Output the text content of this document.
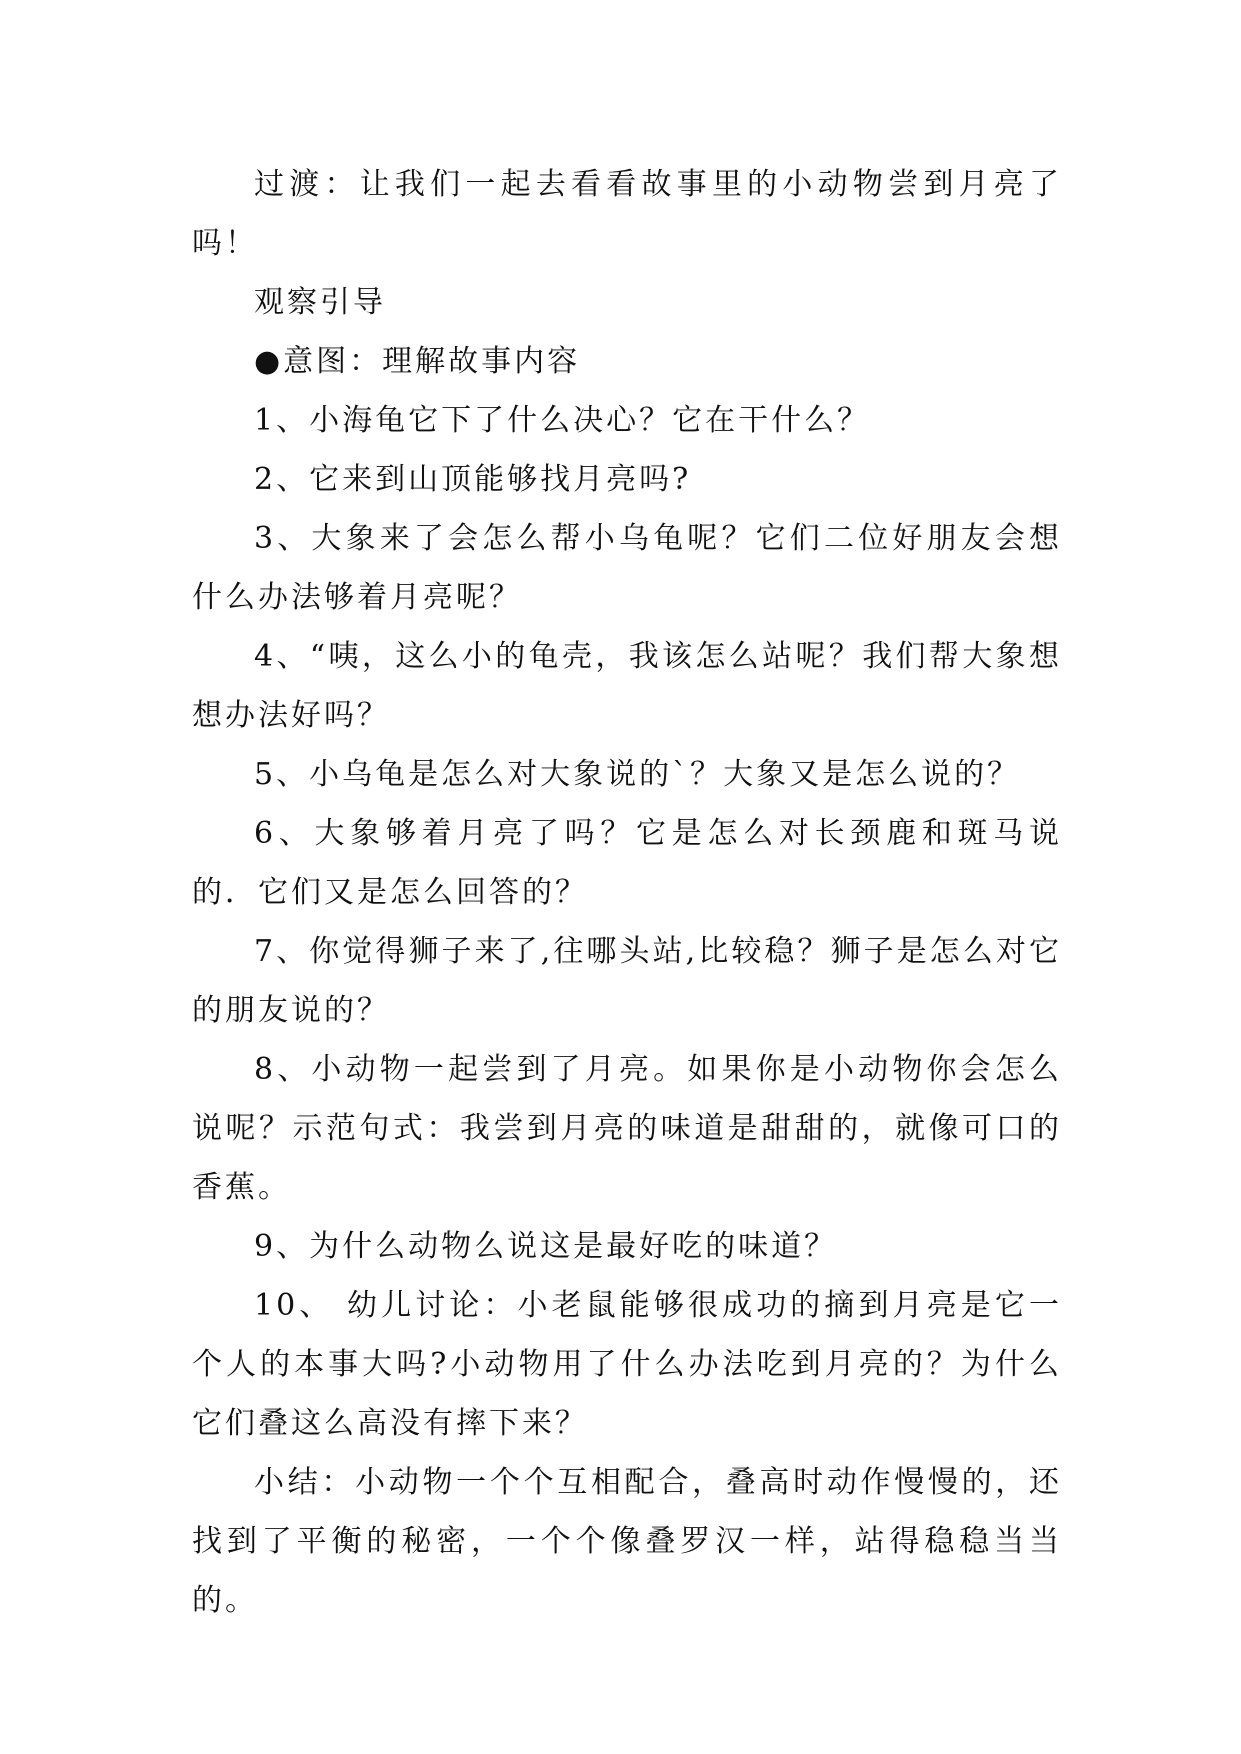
过渡：让我们一起去看看故事里的小动物尝到月亮了吗！

观察引导

●意图：理解故事内容

1、小海龟它下了什么决心？它在干什么？

2、它来到山顶能够找月亮吗?

3、大象来了会怎么帮小乌龟呢？它们二位好朋友会想什么办法够着月亮呢？

4、“咦，这么小的龟壳，我该怎么站呢？我们帮大象想想办法好吗？

5、小乌龟是怎么对大象说的`？大象又是怎么说的？

6、大象够着月亮了吗？它是怎么对长颈鹿和斑马说的．它们又是怎么回答的？

7、你觉得狮子来了,往哪头站,比较稳？狮子是怎么对它的朋友说的？

8、小动物一起尝到了月亮。如果你是小动物你会怎么说呢？示范句式：我尝到月亮的味道是甜甜的，就像可口的香蕉。

9、为什么动物么说这是最好吃的味道？

10、 幼儿讨论：小老鼠能够很成功的摘到月亮是它一个人的本事大吗?小动物用了什么办法吃到月亮的？为什么它们叠这么高没有摔下来？

小结：小动物一个个互相配合，叠高时动作慢慢的，还找到了平衡的秘密，一个个像叠罗汉一样，站得稳稳当当的。
